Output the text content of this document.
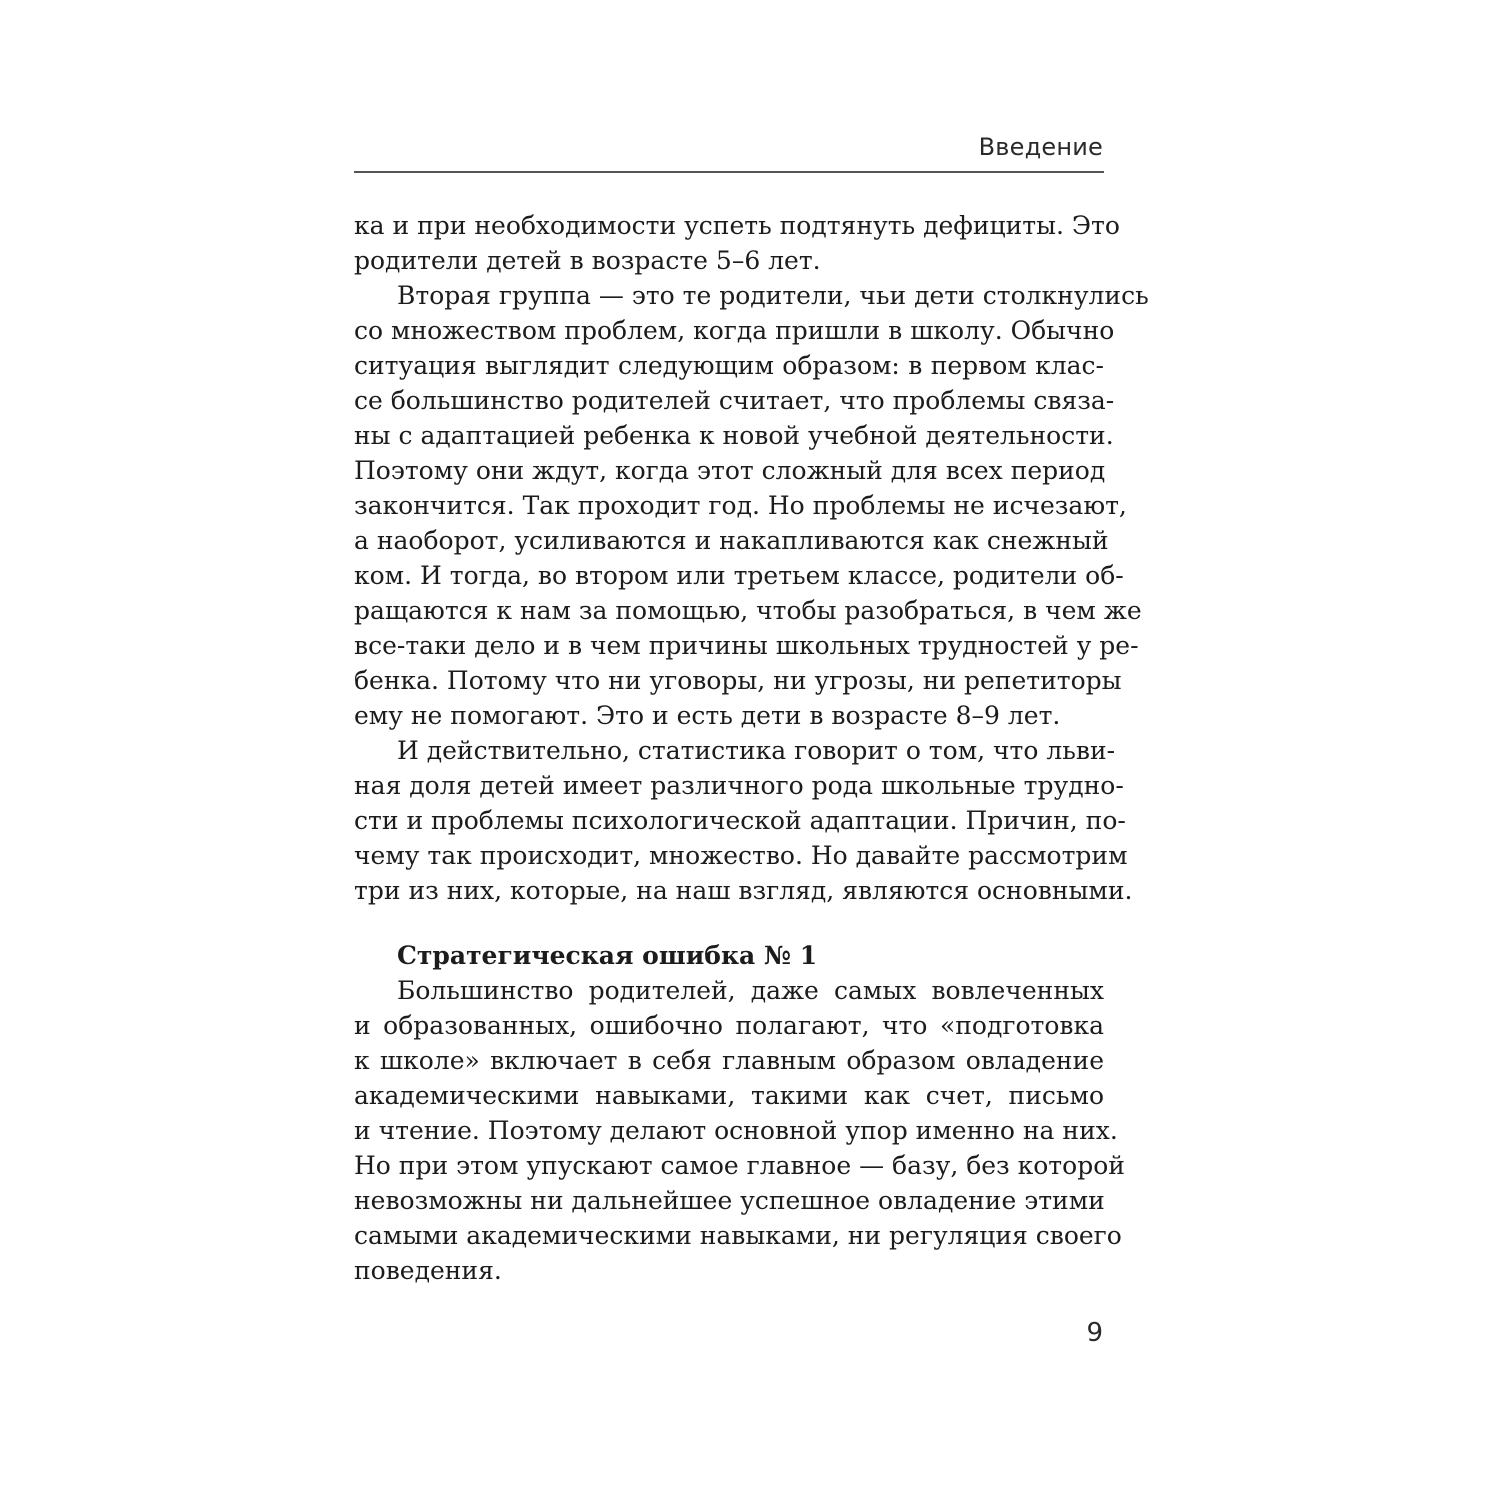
Введение
ка и при необходимости успеть подтянуть дефициты. Это
родители детей в возрасте 5–6 лет.
Вторая группа — это те родители, чьи дети столкнулись
со множеством проблем, когда пришли в школу. Обычно
ситуация выглядит следующим образом: в первом клас-
се большинство родителей считает, что проблемы связа-
ны с адаптацией ребенка к новой учебной деятельности.
Поэтому они ждут, когда этот сложный для всех период
закончится. Так проходит год. Но проблемы не исчезают,
а наоборот, усиливаются и накапливаются как снежный
ком. И тогда, во втором или третьем классе, родители об-
ращаются к нам за помощью, чтобы разобраться, в чем же
все-таки дело и в чем причины школьных трудностей у ре-
бенка. Потому что ни уговоры, ни угрозы, ни репетиторы
ему не помогают. Это и есть дети в возрасте 8–9 лет.
И действительно, статистика говорит о том, что льви-
ная доля детей имеет различного рода школьные трудно-
сти и проблемы психологической адаптации. Причин, по-
чему так происходит, множество. Но давайте рассмотрим
три из них, которые, на наш взгляд, являются основными.
Стратегическая ошибка № 1
Большинство родителей, даже самых вовлеченных
и образованных, ошибочно полагают, что «подготовка
к школе» включает в себя главным образом овладение
академическими навыками, такими как счет, письмо
и чтение. Поэтому делают основной упор именно на них.
Но при этом упускают самое главное — базу, без которой
невозможны ни дальнейшее успешное овладение этими
самыми академическими навыками, ни регуляция своего
поведения.
9
